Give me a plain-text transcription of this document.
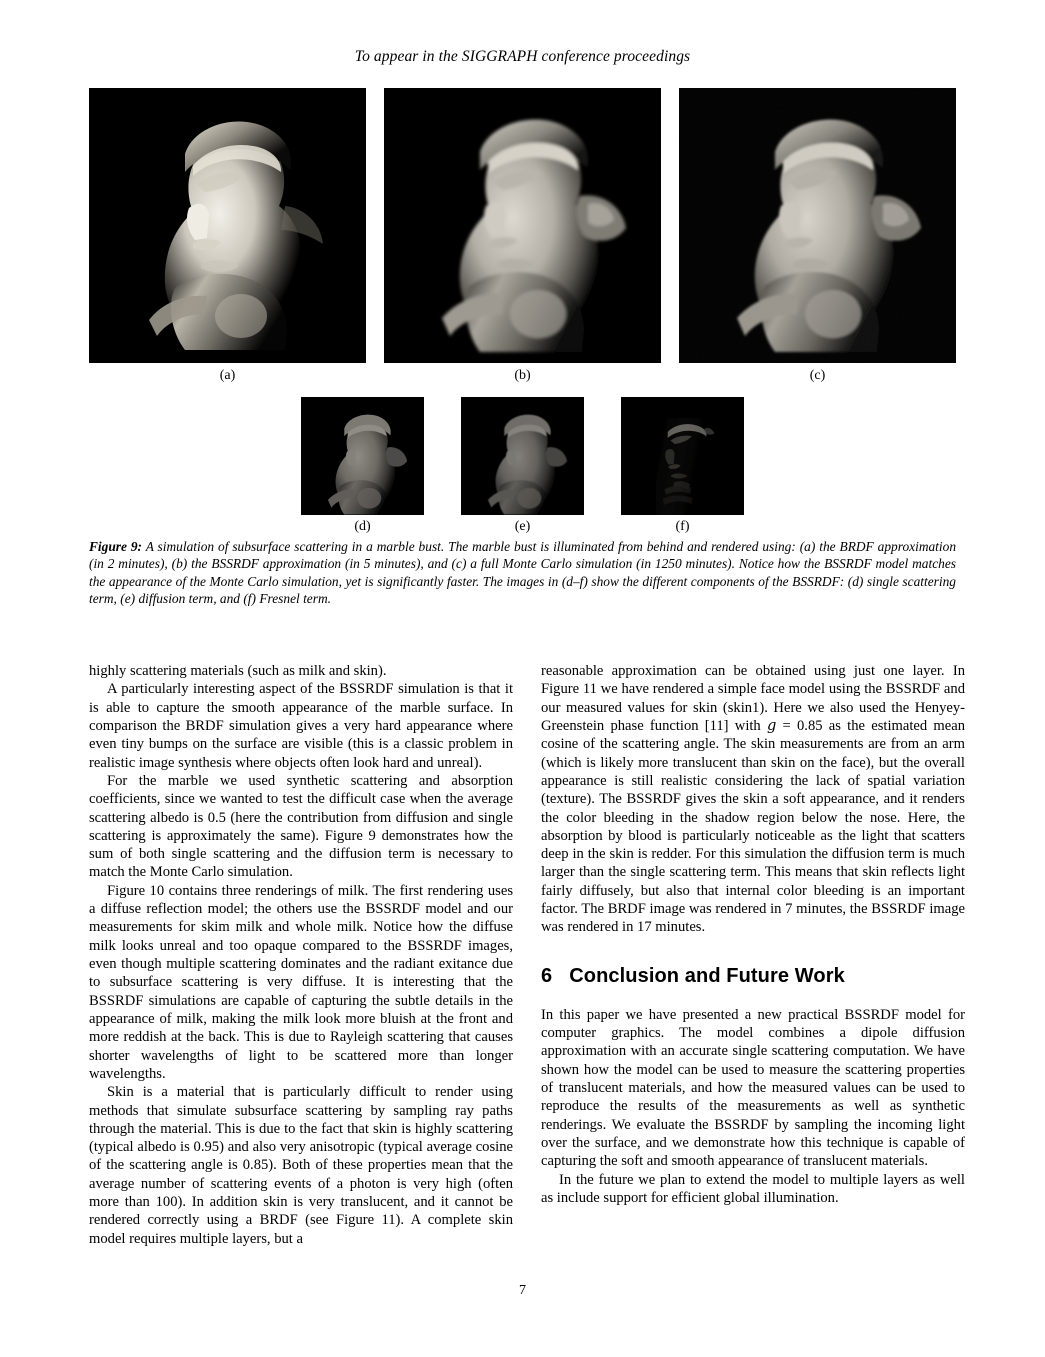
To appear in the SIGGRAPH conference proceedings
(a)	(b)	(c)
(d)	(e)	(f)
Figure 9: A simulation of subsurface scattering in a marble bust. The marble bust is illuminated from behind and rendered using: (a) the BRDF approximation (in 2 minutes), (b) the BSSRDF approximation (in 5 minutes), and (c) a full Monte Carlo simulation (in 1250 minutes). Notice how the BSSRDF model matches the appearance of the Monte Carlo simulation, yet is significantly faster. The images in (d–f) show the different components of the BSSRDF: (d) single scattering term, (e) diffusion term, and (f) Fresnel term.

highly scattering materials (such as milk and skin).

A particularly interesting aspect of the BSSRDF simulation is that it is able to capture the smooth appearance of the marble surface. In comparison the BRDF simulation gives a very hard appearance where even tiny bumps on the surface are visible (this is a classic problem in realistic image synthesis where objects often look hard and unreal).

For the marble we used synthetic scattering and absorption coefficients, since we wanted to test the difficult case when the average scattering albedo is 0.5 (here the contribution from diffusion and single scattering is approximately the same). Figure 9 demonstrates how the sum of both single scattering and the diffusion term is necessary to match the Monte Carlo simulation.

Figure 10 contains three renderings of milk. The first rendering uses a diffuse reflection model; the others use the BSSRDF model and our measurements for skim milk and whole milk. Notice how the diffuse milk looks unreal and too opaque compared to the BSSRDF images, even though multiple scattering dominates and the radiant exitance due to subsurface scattering is very diffuse. It is interesting that the BSSRDF simulations are capable of capturing the subtle details in the appearance of milk, making the milk look more bluish at the front and more reddish at the back. This is due to Rayleigh scattering that causes shorter wavelengths of light to be scattered more than longer wavelengths.

Skin is a material that is particularly difficult to render using methods that simulate subsurface scattering by sampling ray paths through the material. This is due to the fact that skin is highly scattering (typical albedo is 0.95) and also very anisotropic (typical average cosine of the scattering angle is 0.85). Both of these properties mean that the average number of scattering events of a photon is very high (often more than 100). In addition skin is very translucent, and it cannot be rendered correctly using a BRDF (see Figure 11). A complete skin model requires multiple layers, but a

reasonable approximation can be obtained using just one layer. In Figure 11 we have rendered a simple face model using the BSSRDF and our measured values for skin (skin1). Here we also used the Henyey-Greenstein phase function [11] with g = 0.85 as the estimated mean cosine of the scattering angle. The skin measurements are from an arm (which is likely more translucent than skin on the face), but the overall appearance is still realistic considering the lack of spatial variation (texture). The BSSRDF gives the skin a soft appearance, and it renders the color bleeding in the shadow region below the nose. Here, the absorption by blood is particularly noticeable as the light that scatters deep in the skin is redder. For this simulation the diffusion term is much larger than the single scattering term. This means that skin reflects light fairly diffusely, but also that internal color bleeding is an important factor. The BRDF image was rendered in 7 minutes, the BSSRDF image was rendered in 17 minutes.

6 Conclusion and Future Work

In this paper we have presented a new practical BSSRDF model for computer graphics. The model combines a dipole diffusion approximation with an accurate single scattering computation. We have shown how the model can be used to measure the scattering properties of translucent materials, and how the measured values can be used to reproduce the results of the measurements as well as synthetic renderings. We evaluate the BSSRDF by sampling the incoming light over the surface, and we demonstrate how this technique is capable of capturing the soft and smooth appearance of translucent materials.

In the future we plan to extend the model to multiple layers as well as include support for efficient global illumination.

7
